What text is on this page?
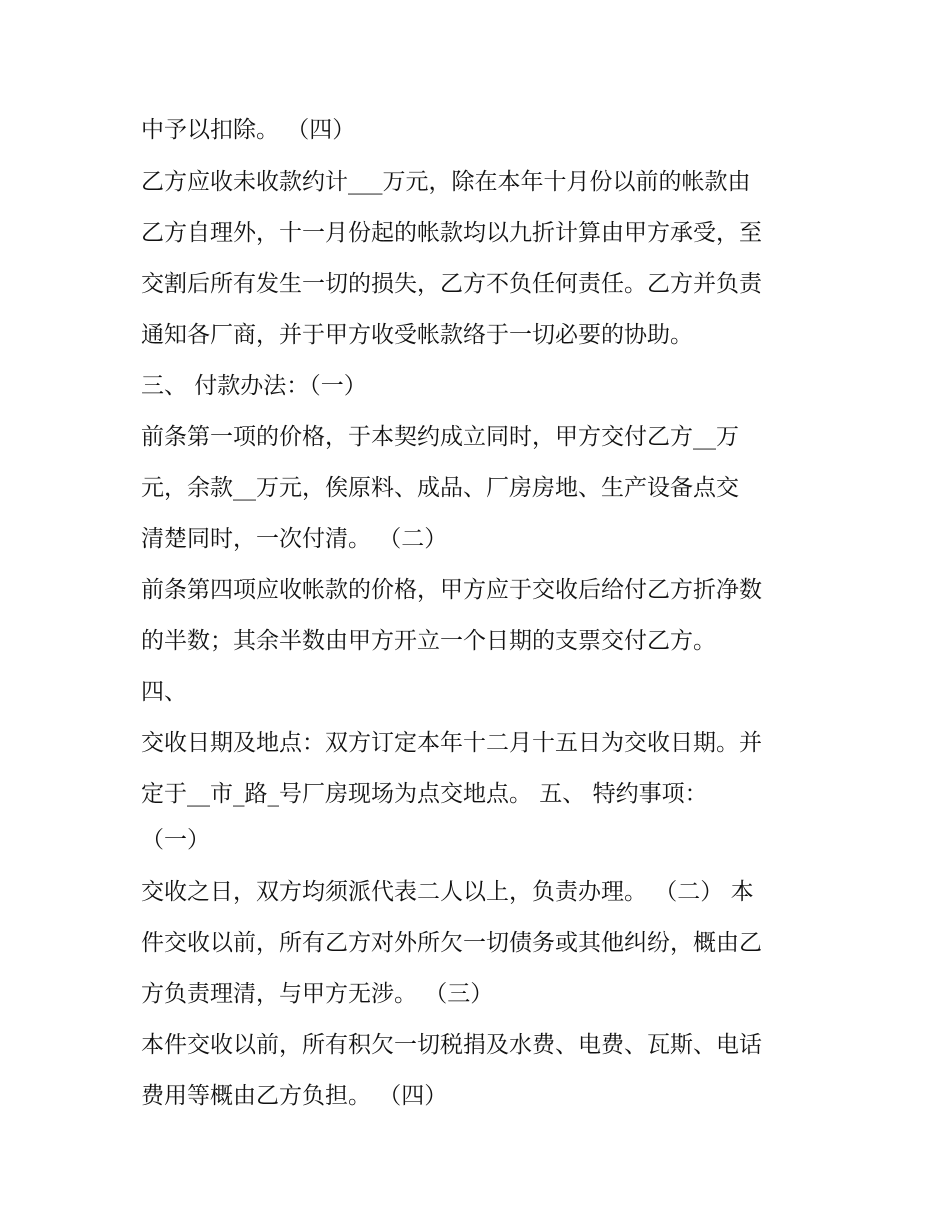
中予以扣除。 （四）

乙方应收未收款约计___万元，除在本年十月份以前的帐款由

乙方自理外，十一月份起的帐款均以九折计算由甲方承受，至

交割后所有发生一切的损失，乙方不负任何责任。乙方并负责

通知各厂商，并于甲方收受帐款络于一切必要的协助。

三、 付款办法：（一）

前条第一项的价格，于本契约成立同时，甲方交付乙方__万

元，余款__万元，俟原料、成品、厂房房地、生产设备点交

清楚同时，一次付清。 （二）

前条第四项应收帐款的价格，甲方应于交收后给付乙方折净数

的半数；其余半数由甲方开立一个日期的支票交付乙方。

四、

交收日期及地点：双方订定本年十二月十五日为交收日期。并

定于__市_路_号厂房现场为点交地点。 五、 特约事项：

（一）

交收之日，双方均须派代表二人以上，负责办理。 （二） 本

件交收以前，所有乙方对外所欠一切债务或其他纠纷，概由乙

方负责理清，与甲方无涉。 （三）

本件交收以前，所有积欠一切税捐及水费、电费、瓦斯、电话

费用等概由乙方负担。 （四）
